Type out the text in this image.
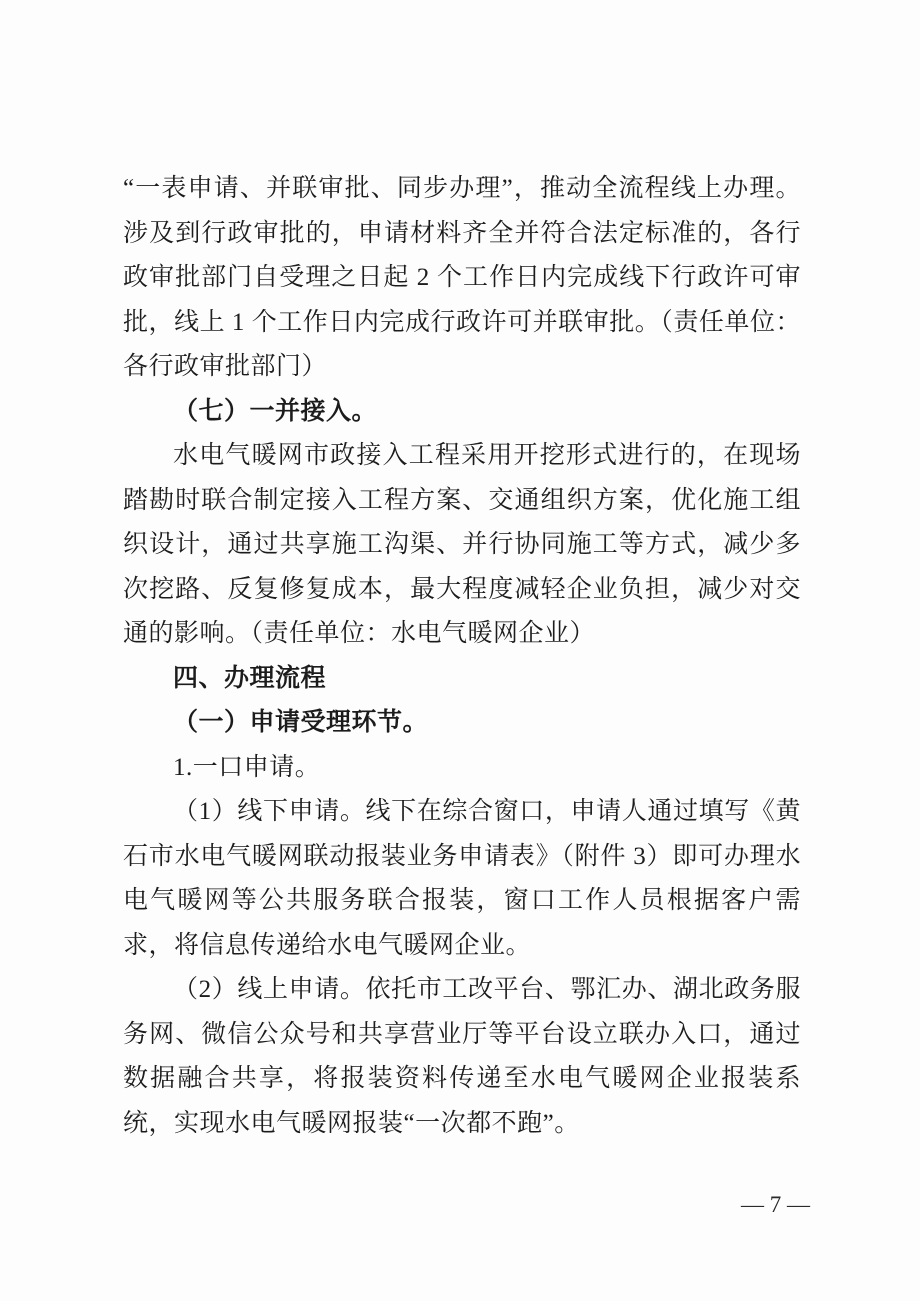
“一表申请、并联审批、同步办理”，推动全流程线上办理。涉及到行政审批的，申请材料齐全并符合法定标准的，各行政审批部门自受理之日起 2 个工作日内完成线下行政许可审批，线上 1 个工作日内完成行政许可并联审批。（责任单位：各行政审批部门）

（七）一并接入。

水电气暖网市政接入工程采用开挖形式进行的，在现场踏勘时联合制定接入工程方案、交通组织方案，优化施工组织设计，通过共享施工沟渠、并行协同施工等方式，减少多次挖路、反复修复成本，最大程度减轻企业负担，减少对交通的影响。（责任单位：水电气暖网企业）

四、办理流程

（一）申请受理环节。

1.一口申请。

（1）线下申请。线下在综合窗口，申请人通过填写《黄石市水电气暖网联动报装业务申请表》（附件 3）即可办理水电气暖网等公共服务联合报装，窗口工作人员根据客户需求，将信息传递给水电气暖网企业。

（2）线上申请。依托市工改平台、鄂汇办、湖北政务服务网、微信公众号和共享营业厅等平台设立联办入口，通过数据融合共享，将报装资料传递至水电气暖网企业报装系统，实现水电气暖网报装“一次都不跑”。

— 7 —
